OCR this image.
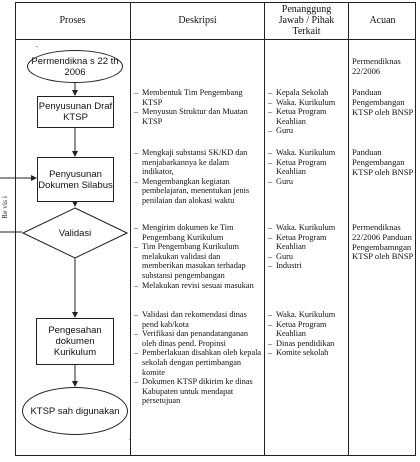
Proses	Deskripsi
Penanggung Jawab / Pihak Terkait
Acuan
Permendikna s 22 th 2006
Permendiknas 22/2006
Penyusunan Draf KTSP
– Membentuk Tim Pengembang KTSP
– Menyusun Struktur dan Muatan KTSP
– Kepala Sekolah
– Waka. Kurikulum
– Ketua Program Keahlian
– Guru
Panduan Pengembangan KTSP oleh BNSP
Penyusunan Dokumen Silabus
– Mengkaji substansi SK/KD dan menjabarkannya ke dalam indikator,
– Mengembangkan kegiatan pembelajaran, menentukan jenis penilaian dan alokasi waktu
– Waka. Kurikulum
– Ketua Program Keahlian
– Guru
Panduan Pengembangan KTSP oleh BNSP
Validasi
–	Mengirim dokumen ke Tim Pengembang Kurikulum
– Tim Pengembang Kurikulum melakukan validasi dan memberikan masukan terhadap substansi pengembangan
– Melakukan revisi sesuai masukan
– Waka. Kurikulum
– Ketua Program Keahlian
– Guru
– Industri
Permendiknas 22/2006 Panduan Pengembamngan KTSP oleh BNSP
Pengesahan dokumen Kurikulum
– Validasi dan rekomendasi dinas pend kab/kota
– Verifikasi dan penandatanganan oleh dinas pend. Propinsi
– Pemberlakuan disahkan oleh kepala sekolah dengan pertimbangan komite
– Dokumen KTSP dikirim ke dinas Kabupaten untuk mendapat persetujuan
– Waka. Kurikulum
– Ketua Program Keahlian
– Dinas pendidikan
– Komite sekolah
KTSP sah digunakan
Re vis i
.
.
